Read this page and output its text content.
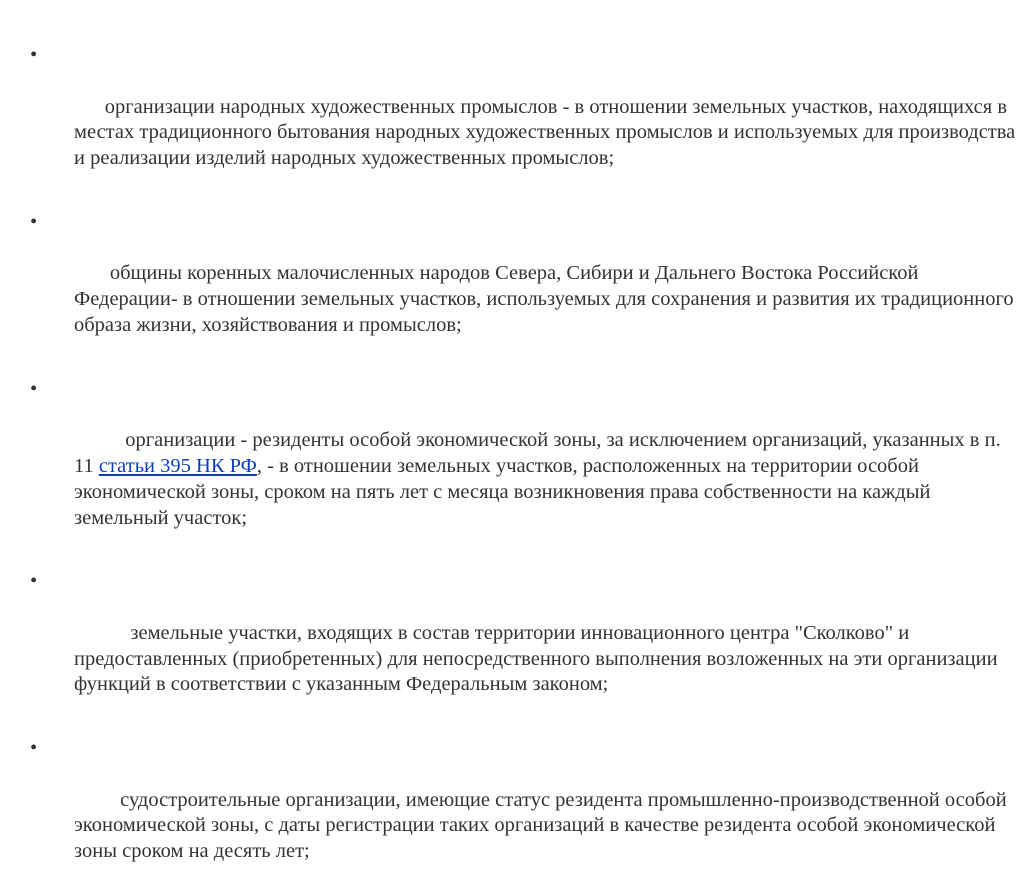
•

организации народных художественных промыслов - в отношении земельных участков, находящихся в местах традиционного бытования народных художественных промыслов и используемых для производства и реализации изделий народных художественных промыслов;

•

общины коренных малочисленных народов Севера, Сибири и Дальнего Востока Российской Федерации- в отношении земельных участков, используемых для сохранения и развития их традиционного образа жизни, хозяйствования и промыслов;

•

организации - резиденты особой экономической зоны, за исключением организаций, указанных в п. 11 статьи 395 НК РФ, - в отношении земельных участков, расположенных на территории особой экономической зоны, сроком на пять лет с месяца возникновения права собственности на каждый земельный участок;

•

земельные участки, входящих в состав территории инновационного центра "Сколково" и предоставленных (приобретенных) для непосредственного выполнения возложенных на эти организации функций в соответствии с указанным Федеральным законом;

•

судостроительные организации, имеющие статус резидента промышленно-производственной особой экономической зоны, с даты регистрации таких организаций в качестве резидента особой экономической зоны сроком на десять лет;
